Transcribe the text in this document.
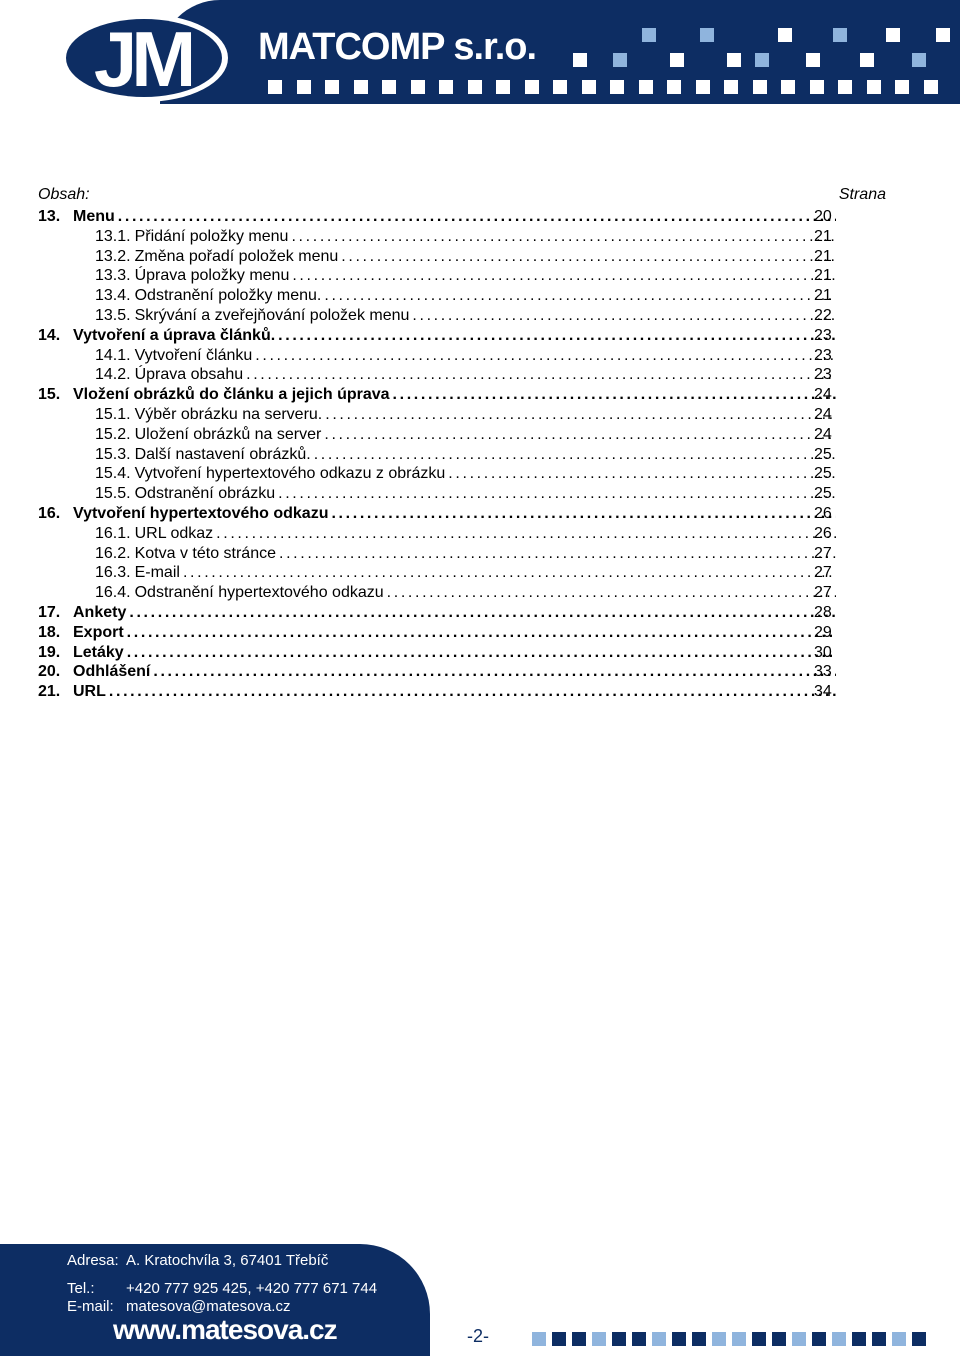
JM MATCOMP s.r.o.
Obsah:	Strana
13. Menu . . .	20
13.1. Přidání položky menu . . .	21
13.2. Změna pořadí položek menu . . .	21
13.3. Úprava položky menu . . .	21
13.4. Odstranění položky menu. . . .	21
13.5. Skrývání a zveřejňování položek menu . . .	22
14. Vytvoření a úprava článků. . . .	23
14.1. Vytvoření článku . . .	23
14.2. Úprava obsahu . . .	23
15. Vložení obrázků do článku a jejich úprava . . .	24
15.1. Výběr obrázku na serveru. . . .	24
15.2. Uložení obrázků na server . . .	24
15.3. Další nastavení obrázků. . . .	25
15.4. Vytvoření hypertextového odkazu z obrázku . . .	25
15.5. Odstranění obrázku . . .	25
16. Vytvoření hypertextového odkazu . . .	26
16.1. URL odkaz . . .	26
16.2. Kotva v této stránce . . .	27
16.3. E-mail . . .	27
16.4. Odstranění hypertextového odkazu . . .	27
17. Ankety . . .	28
18. Export . . .	29
19. Letáky . . .	30
20. Odhlášení . . .	33
21. URL . . .	34
Adresa: A. Kratochvíla 3, 67401 Třebíč
Tel.: +420 777 925 425, +420 777 671 744
E-mail: matesova@matesova.cz
www.matesova.cz	-2-
